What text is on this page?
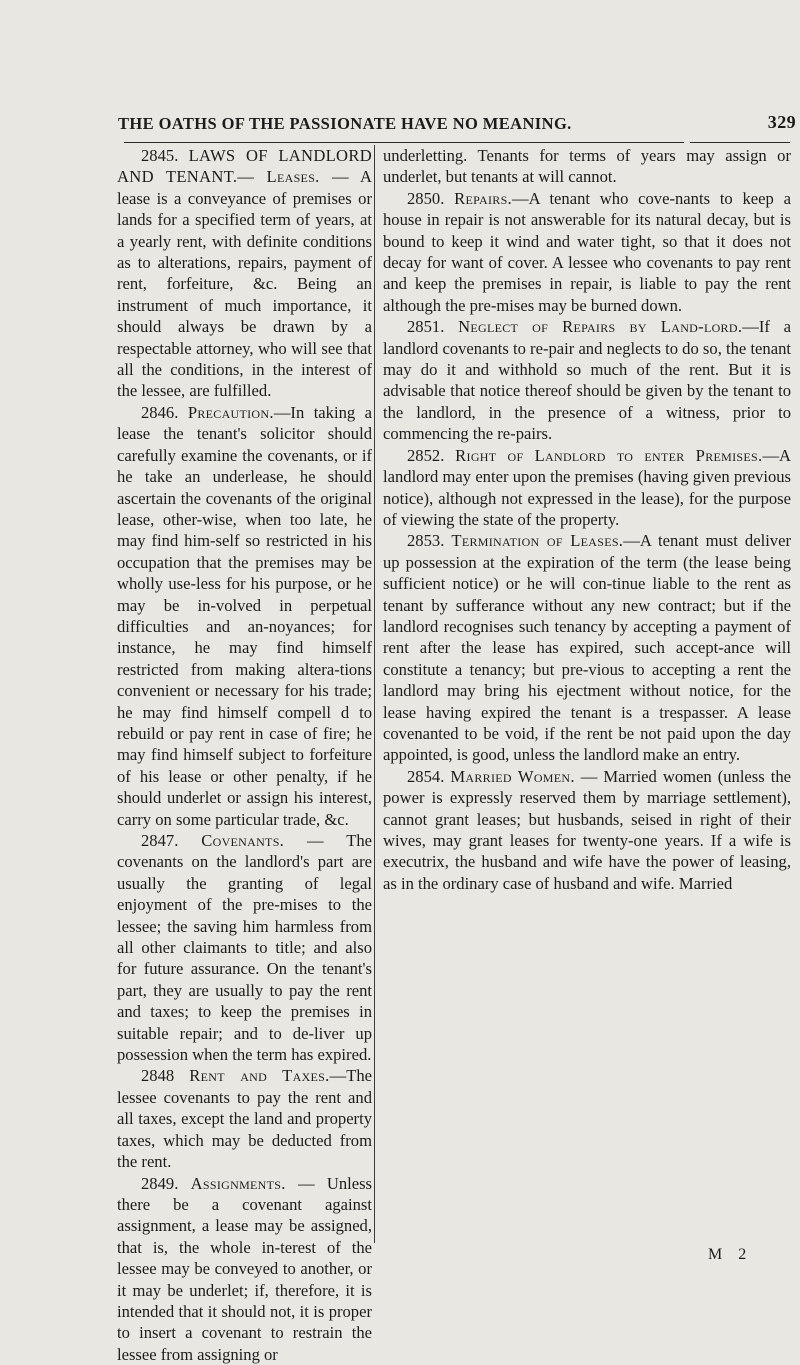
THE OATHS OF THE PASSIONATE HAVE NO MEANING.	329

2845. LAWS OF LANDLORD AND TENANT.— Leases. — A lease is a conveyance of premises or lands for a specified term of years, at a yearly rent, with definite conditions as to alterations, repairs, payment of rent, forfeiture, &c. Being an instrument of much importance, it should always be drawn by a respectable attorney, who will see that all the conditions, in the interest of the lessee, are fulfilled.

2846. Precaution.—In taking a lease the tenant's solicitor should carefully examine the covenants, or if he take an underlease, he should ascertain the covenants of the original lease, other-wise, when too late, he may find him-self so restricted in his occupation that the premises may be wholly use-less for his purpose, or he may be in-volved in perpetual difficulties and an-noyances; for instance, he may find himself restricted from making altera-tions convenient or necessary for his trade; he may find himself compell d to rebuild or pay rent in case of fire; he may find himself subject to forfeiture of his lease or other penalty, if he should underlet or assign his interest, carry on some particular trade, &c.

2847. Covenants. — The covenants on the landlord's part are usually the granting of legal enjoyment of the pre-mises to the lessee; the saving him harmless from all other claimants to title; and also for future assurance. On the tenant's part, they are usually to pay the rent and taxes; to keep the premises in suitable repair; and to de-liver up possession when the term has expired.

2848 Rent and Taxes.—The lessee covenants to pay the rent and all taxes, except the land and property taxes, which may be deducted from the rent.

2849. Assignments. — Unless there be a covenant against assignment, a lease may be assigned, that is, the whole in-terest of the lessee may be conveyed to another, or it may be underlet; if, therefore, it is intended that it should not, it is proper to insert a covenant to restrain the lessee from assigning or

underletting. Tenants for terms of years may assign or underlet, but tenants at will cannot.

2850. Repairs.—A tenant who cove-nants to keep a house in repair is not answerable for its natural decay, but is bound to keep it wind and water tight, so that it does not decay for want of cover. A lessee who covenants to pay rent and keep the premises in repair, is liable to pay the rent although the pre-mises may be burned down.

2851. Neglect of Repairs by Land-lord.—If a landlord covenants to re-pair and neglects to do so, the tenant may do it and withhold so much of the rent. But it is advisable that notice thereof should be given by the tenant to the landlord, in the presence of a witness, prior to commencing the re-pairs.

2852. Right of Landlord to enter Premises.—A landlord may enter upon the premises (having given previous notice), although not expressed in the lease), for the purpose of viewing the state of the property.

2853. Termination of Leases.—A tenant must deliver up possession at the expiration of the term (the lease being sufficient notice) or he will con-tinue liable to the rent as tenant by sufferance without any new contract; but if the landlord recognises such tenancy by accepting a payment of rent after the lease has expired, such accept-ance will constitute a tenancy; but pre-vious to accepting a rent the landlord may bring his ejectment without notice, for the lease having expired the tenant is a trespasser. A lease covenanted to be void, if the rent be not paid upon the day appointed, is good, unless the landlord make an entry.

2854. Married Women. — Married women (unless the power is expressly reserved them by marriage settlement), cannot grant leases; but husbands, seised in right of their wives, may grant leases for twenty-one years. If a wife is executrix, the husband and wife have the power of leasing, as in the ordinary case of husband and wife. Married

M 2
